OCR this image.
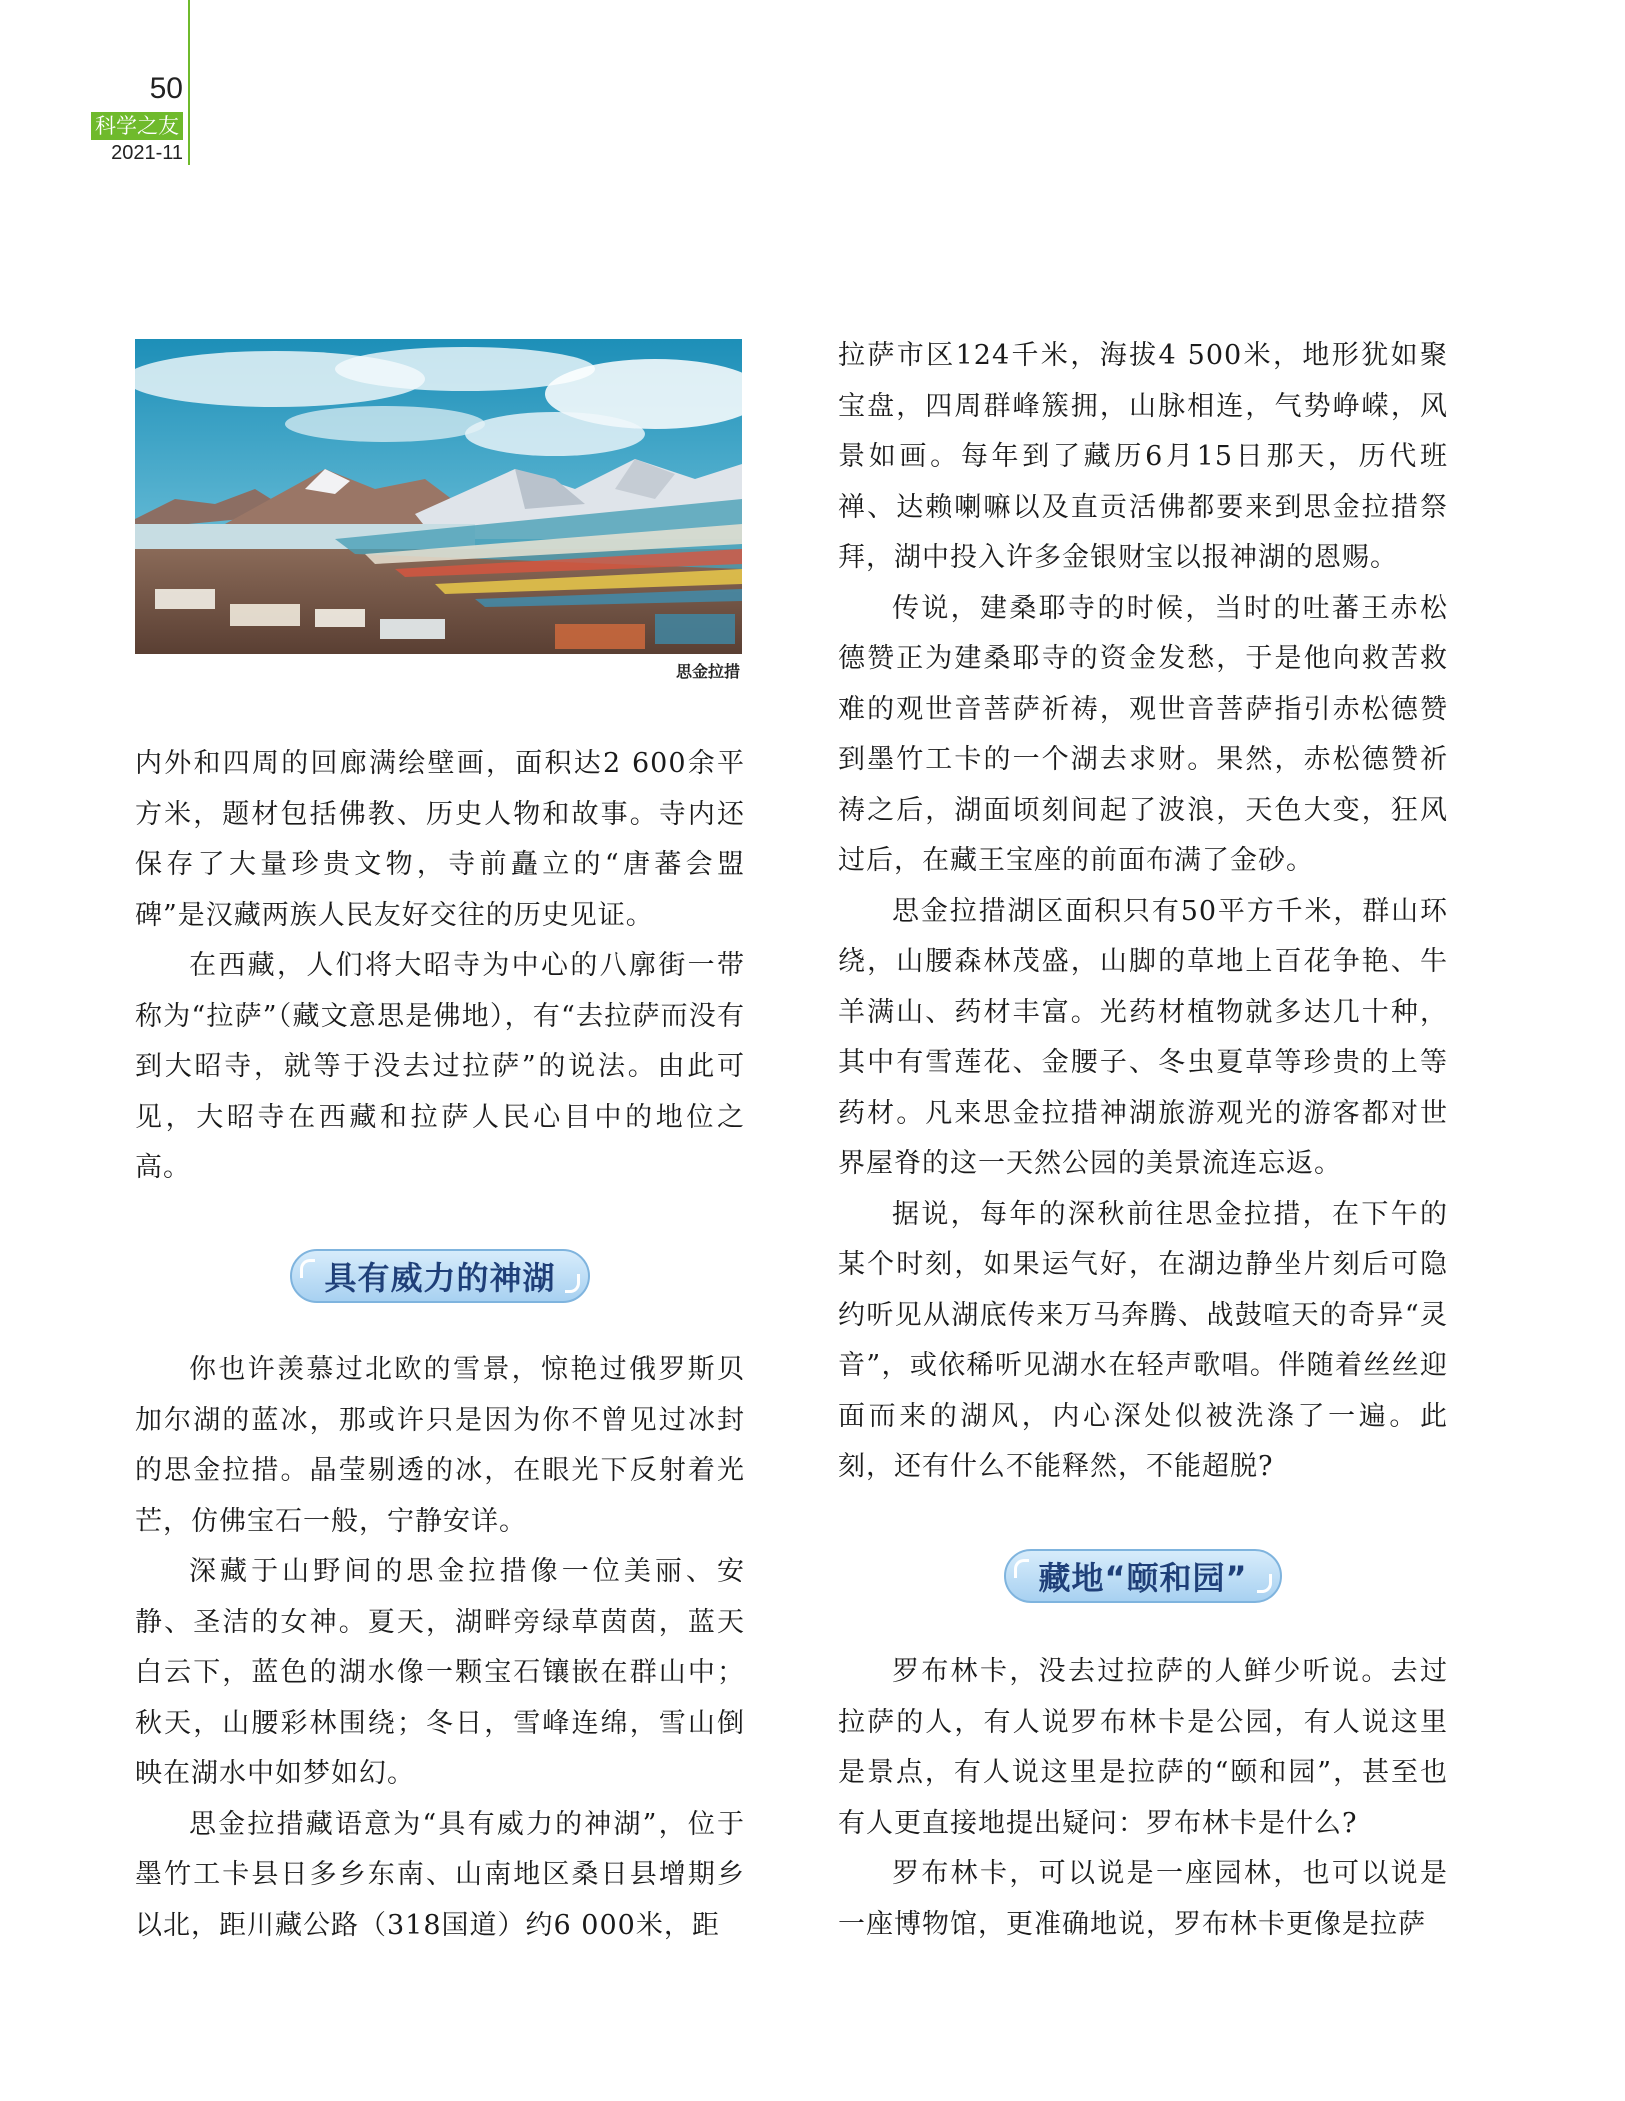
50
科学之友
2021-11
思金拉措

内外和四周的回廊满绘壁画，面积达2 600余平方米，题材包括佛教、历史人物和故事。寺内还保存了大量珍贵文物，寺前矗立的“唐蕃会盟碑”是汉藏两族人民友好交往的历史见证。

在西藏，人们将大昭寺为中心的八廓街一带称为“拉萨”（藏文意思是佛地），有“去拉萨而没有到大昭寺，就等于没去过拉萨”的说法。由此可见，大昭寺在西藏和拉萨人民心目中的地位之高。

具有威力的神湖

你也许羡慕过北欧的雪景，惊艳过俄罗斯贝加尔湖的蓝冰，那或许只是因为你不曾见过冰封的思金拉措。晶莹剔透的冰，在眼光下反射着光芒，仿佛宝石一般，宁静安详。

深藏于山野间的思金拉措像一位美丽、安静、圣洁的女神。夏天，湖畔旁绿草茵茵，蓝天白云下，蓝色的湖水像一颗宝石镶嵌在群山中；秋天，山腰彩林围绕；冬日，雪峰连绵，雪山倒映在湖水中如梦如幻。

思金拉措藏语意为“具有威力的神湖”，位于墨竹工卡县日多乡东南、山南地区桑日县增期乡以北，距川藏公路（318国道）约6 000米，距

拉萨市区124千米，海拔4 500米，地形犹如聚宝盘，四周群峰簇拥，山脉相连，气势峥嵘，风景如画。每年到了藏历6月15日那天，历代班禅、达赖喇嘛以及直贡活佛都要来到思金拉措祭拜，湖中投入许多金银财宝以报神湖的恩赐。

传说，建桑耶寺的时候，当时的吐蕃王赤松德赞正为建桑耶寺的资金发愁，于是他向救苦救难的观世音菩萨祈祷，观世音菩萨指引赤松德赞到墨竹工卡的一个湖去求财。果然，赤松德赞祈祷之后，湖面顷刻间起了波浪，天色大变，狂风过后，在藏王宝座的前面布满了金砂。

思金拉措湖区面积只有50平方千米，群山环绕，山腰森林茂盛，山脚的草地上百花争艳、牛羊满山、药材丰富。光药材植物就多达几十种，其中有雪莲花、金腰子、冬虫夏草等珍贵的上等药材。凡来思金拉措神湖旅游观光的游客都对世界屋脊的这一天然公园的美景流连忘返。

据说，每年的深秋前往思金拉措，在下午的某个时刻，如果运气好，在湖边静坐片刻后可隐约听见从湖底传来万马奔腾、战鼓喧天的奇异“灵音”，或依稀听见湖水在轻声歌唱。伴随着丝丝迎面而来的湖风，内心深处似被洗涤了一遍。此刻，还有什么不能释然，不能超脱?

藏地“颐和园”

罗布林卡，没去过拉萨的人鲜少听说。去过拉萨的人，有人说罗布林卡是公园，有人说这里是景点，有人说这里是拉萨的“颐和园”，甚至也有人更直接地提出疑问：罗布林卡是什么?

罗布林卡，可以说是一座园林，也可以说是一座博物馆，更准确地说，罗布林卡更像是拉萨
